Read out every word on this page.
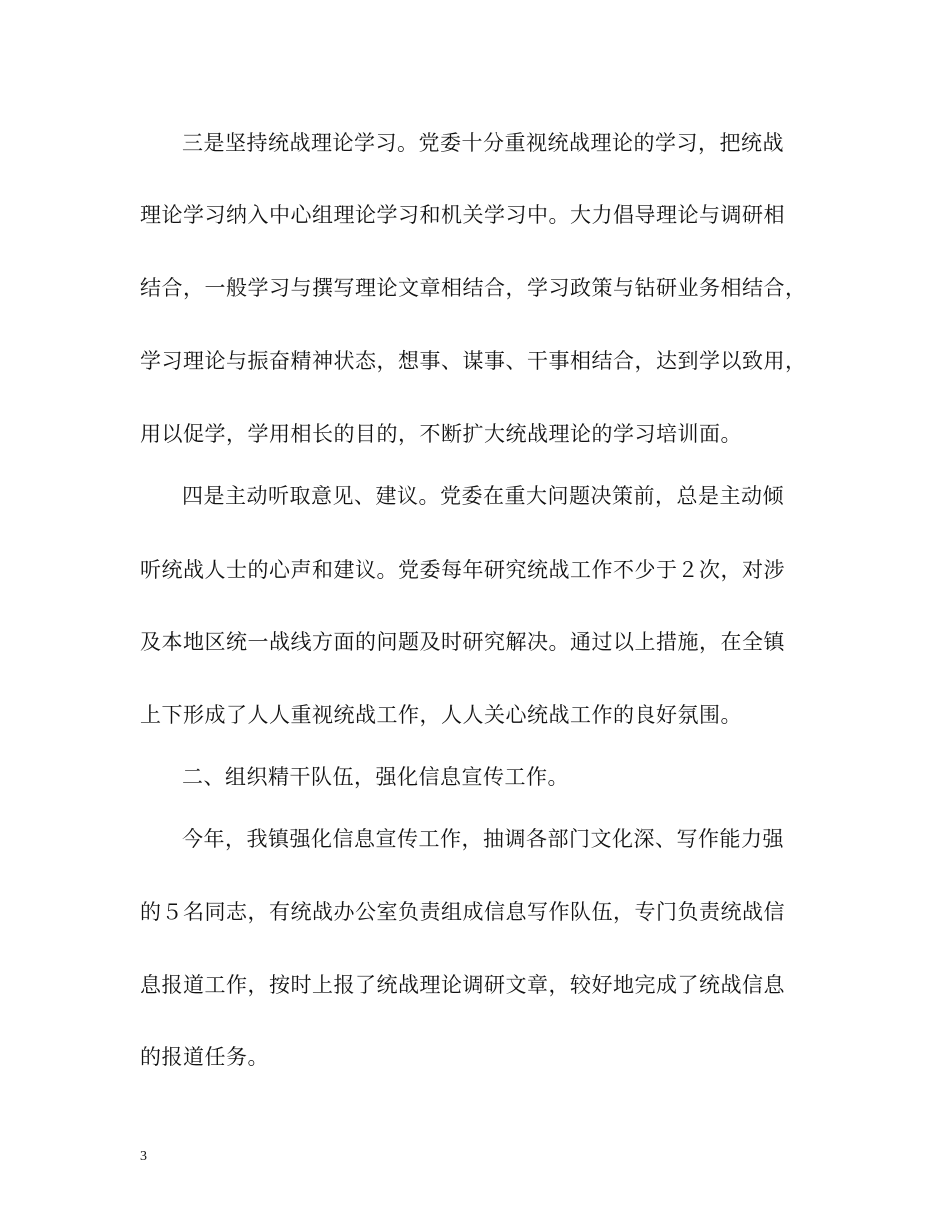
三是坚持统战理论学习。党委十分重视统战理论的学习，把统战
理论学习纳入中心组理论学习和机关学习中。大力倡导理论与调研相
结合，一般学习与撰写理论文章相结合，学习政策与钻研业务相结合，
学习理论与振奋精神状态，想事、谋事、干事相结合，达到学以致用，
用以促学，学用相长的目的，不断扩大统战理论的学习培训面。
四是主动听取意见、建议。党委在重大问题决策前，总是主动倾
听统战人士的心声和建议。党委每年研究统战工作不少于２次，对涉
及本地区统一战线方面的问题及时研究解决。通过以上措施，在全镇
上下形成了人人重视统战工作，人人关心统战工作的良好氛围。
二、组织精干队伍，强化信息宣传工作。
今年，我镇强化信息宣传工作，抽调各部门文化深、写作能力强
的５名同志，有统战办公室负责组成信息写作队伍，专门负责统战信
息报道工作，按时上报了统战理论调研文章，较好地完成了统战信息
的报道任务。
3
